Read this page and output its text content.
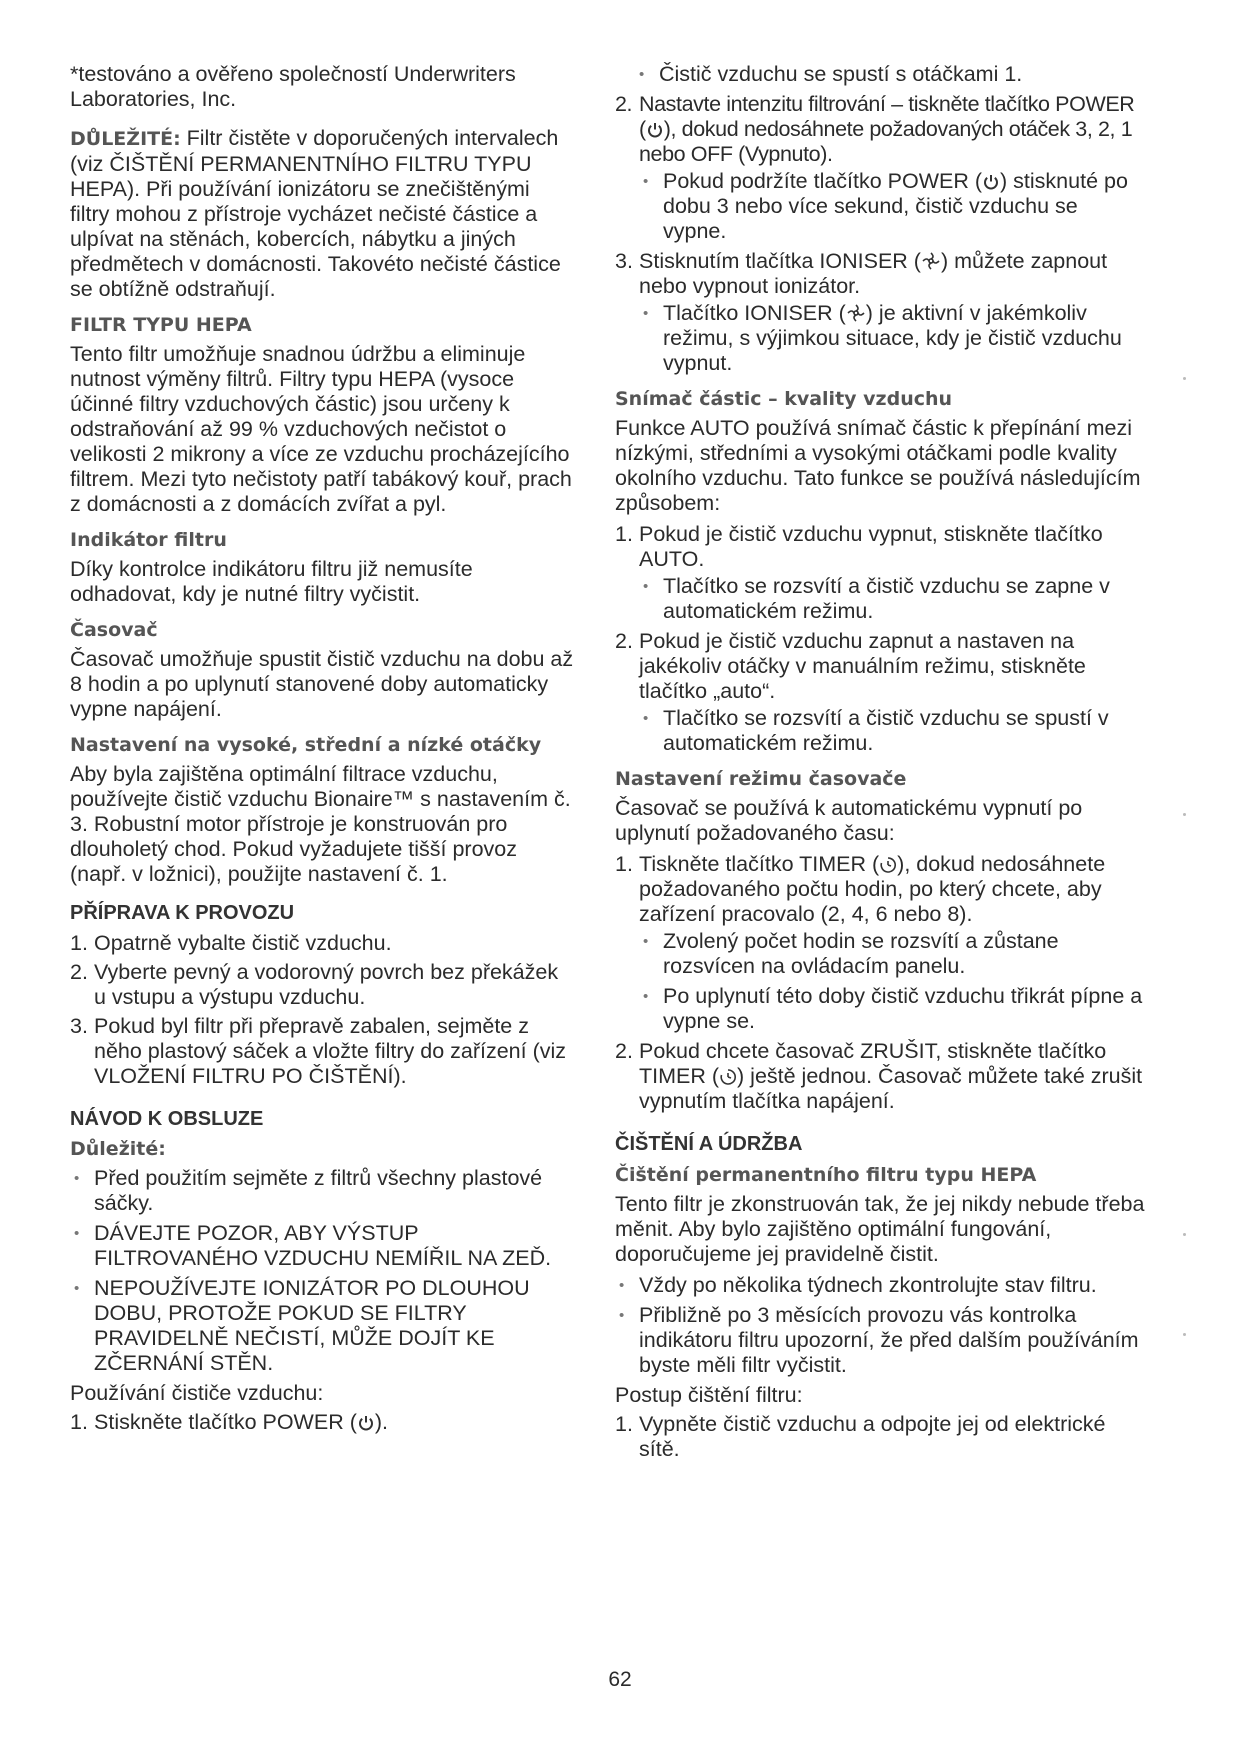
*testováno a ověřeno společností Underwriters Laboratories, Inc.

DŮLEŽITÉ: Filtr čistěte v doporučených intervalech (viz ČIŠTĚNÍ PERMANENTNÍHO FILTRU TYPU HEPA). Při používání ionizátoru se znečištěnými filtry mohou z přístroje vycházet nečisté částice a ulpívat na stěnách, kobercích, nábytku a jiných předmětech v domácnosti. Takovéto nečisté částice se obtížně odstraňují.

FILTR TYPU HEPA

Tento filtr umožňuje snadnou údržbu a eliminuje nutnost výměny filtrů. Filtry typu HEPA (vysoce účinné filtry vzduchových částic) jsou určeny k odstraňování až 99 % vzduchových nečistot o velikosti 2 mikrony a více ze vzduchu procházejícího filtrem. Mezi tyto nečistoty patří tabákový kouř, prach z domácnosti a z domácích zvířat a pyl.

Indikátor filtru

Díky kontrolce indikátoru filtru již nemusíte odhadovat, kdy je nutné filtry vyčistit.

Časovač

Časovač umožňuje spustit čistič vzduchu na dobu až 8 hodin a po uplynutí stanovené doby automaticky vypne napájení.

Nastavení na vysoké, střední a nízké otáčky

Aby byla zajištěna optimální filtrace vzduchu, používejte čistič vzduchu Bionaire™ s nastavením č. 3. Robustní motor přístroje je konstruován pro dlouholetý chod. Pokud vyžadujete tišší provoz (např. v ložnici), použijte nastavení č. 1.

PŘÍPRAVA K PROVOZU
1. Opatrně vybalte čistič vzduchu.
2. Vyberte pevný a vodorovný povrch bez překážek u vstupu a výstupu vzduchu.
3. Pokud byl filtr při přepravě zabalen, sejměte z něho plastový sáček a vložte filtry do zařízení (viz VLOŽENÍ FILTRU PO ČIŠTĚNÍ).
NÁVOD K OBSLUZE
Důležité:
• Před použitím sejměte z filtrů všechny plastové sáčky.
• DÁVEJTE POZOR, ABY VÝSTUP FILTROVANÉHO VZDUCHU NEMÍŘIL NA ZEĎ.
• NEPOUŽÍVEJTE IONIZÁTOR PO DLOUHOU DOBU, PROTOŽE POKUD SE FILTRY PRAVIDELNĚ NEČISTÍ, MŮŽE DOJÍT KE ZČERNÁNÍ STĚN.

Používání čističe vzduchu:

1. Stiskněte tlačítko POWER ( ).
• Čistič vzduchu se spustí s otáčkami 1.
2. Nastavte intenzitu filtrování – tiskněte tlačítko POWER ( ), dokud nedosáhnete požadovaných otáček 3, 2, 1 nebo OFF (Vypnuto).
• Pokud podržíte tlačítko POWER ( ) stisknuté po dobu 3 nebo více sekund, čistič vzduchu se vypne.
3. Stisknutím tlačítka IONISER ( ) můžete zapnout nebo vypnout ionizátor.
• Tlačítko IONISER ( ) je aktivní v jakémkoliv režimu, s výjimkou situace, kdy je čistič vzduchu vypnut.
Snímač částic – kvality vzduchu

Funkce AUTO používá snímač částic k přepínání mezi nízkými, středními a vysokými otáčkami podle kvality okolního vzduchu. Tato funkce se používá následujícím způsobem:

1. Pokud je čistič vzduchu vypnut, stiskněte tlačítko AUTO.
• Tlačítko se rozsvítí a čistič vzduchu se zapne v automatickém režimu.
2. Pokud je čistič vzduchu zapnut a nastaven na jakékoliv otáčky v manuálním režimu, stiskněte tlačítko „auto“.
• Tlačítko se rozsvítí a čistič vzduchu se spustí v automatickém režimu.
Nastavení režimu časovače

Časovač se používá k automatickému vypnutí po uplynutí požadovaného času:

1. Tiskněte tlačítko TIMER ( ), dokud nedosáhnete požadovaného počtu hodin, po který chcete, aby zařízení pracovalo (2, 4, 6 nebo 8).
• Zvolený počet hodin se rozsvítí a zůstane rozsvícen na ovládacím panelu.
• Po uplynutí této doby čistič vzduchu třikrát pípne a vypne se.
2. Pokud chcete časovač ZRUŠIT, stiskněte tlačítko TIMER ( ) ještě jednou. Časovač můžete také zrušit vypnutím tlačítka napájení.
ČIŠTĚNÍ A ÚDRŽBA
Čištění permanentního filtru typu HEPA

Tento filtr je zkonstruován tak, že jej nikdy nebude třeba měnit. Aby bylo zajištěno optimální fungování, doporučujeme jej pravidelně čistit.

• Vždy po několika týdnech zkontrolujte stav filtru.
• Přibližně po 3 měsících provozu vás kontrolka indikátoru filtru upozorní, že před dalším používáním byste měli filtr vyčistit.

Postup čištění filtru:

1. Vypněte čistič vzduchu a odpojte jej od elektrické sítě.
62
